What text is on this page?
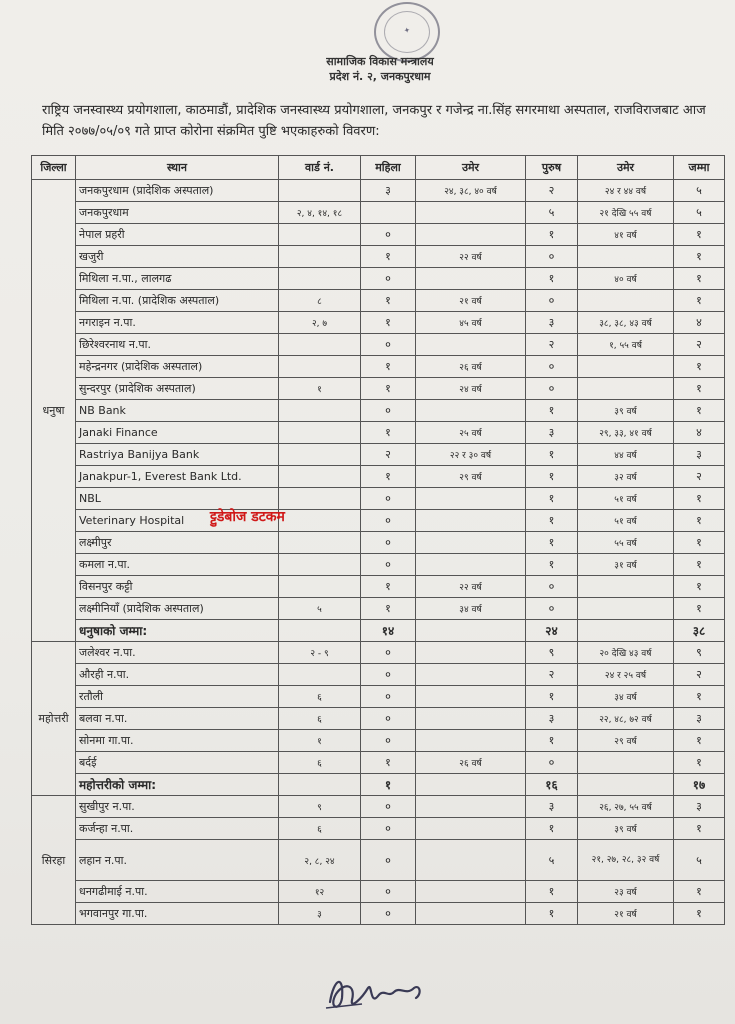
✦
सामाजिक विकास मन्त्रालय
प्रदेश नं. २, जनकपुरधाम
राष्ट्रिय जनस्वास्थ्य प्रयोगशाला, काठमाडौं, प्रादेशिक जनस्वास्थ्य प्रयोगशाला, जनकपुर र गजेन्द्र ना.सिंह सगरमाथा अस्पताल, राजविराजबाट आज मिति २०७७/०५/०९ गते प्राप्त कोरोना संक्रमित पुष्टि भएकाहरुको विवरण:
जिल्ला	स्थान	वार्ड नं.	महिला	उमेर	पुरुष	उमेर	जम्मा
धनुषा	जनकपुरधाम (प्रादेशिक अस्पताल)		३	२४, ३८, ४० वर्ष	२	२४ र ४४ वर्ष	५
	जनकपुरधाम	२, ४, १४, १८			५	२१ देखि ५५ वर्ष	५
	नेपाल प्रहरी		०		१	४१ वर्ष	१
	खजुरी		१	२२ वर्ष	०		१
	मिथिला न.पा., लालगढ		०		१	४० वर्ष	१
	मिथिला न.पा. (प्रादेशिक अस्पताल)	८	१	२१ वर्ष	०		१
	नगराइन न.पा.	२, ७	१	४५ वर्ष	३	३८, ३८, ४३ वर्ष	४
	छिरेश्वरनाथ न.पा.		०		२	१, ५५ वर्ष	२
	महेन्द्रनगर (प्रादेशिक अस्पताल)		१	२६ वर्ष	०		१
	सुन्दरपुर (प्रादेशिक अस्पताल)	१	१	२४ वर्ष	०		१
	NB Bank		०		१	३९ वर्ष	१
	Janaki Finance		१	२५ वर्ष	३	२९, ३३, ४१ वर्ष	४
	Rastriya Banijya Bank		२	२२ र ३० वर्ष	१	४४ वर्ष	३
	Janakpur-1, Everest Bank Ltd.		१	२९ वर्ष	१	३२ वर्ष	२
	NBL		०		१	५१ वर्ष	१
	Veterinary Hospital		०		१	५१ वर्ष	१
	लक्ष्मीपुर		०		१	५५ वर्ष	१
	कमला न.पा.		०		१	३१ वर्ष	१
	विसनपुर कट्टी		१	२२ वर्ष	०		१
	लक्ष्मीनियाँ (प्रादेशिक अस्पताल)	५	१	३४ वर्ष	०		१
	धनुषाको जम्मा:		१४		२४		३८
महोत्तरी	जलेश्वर न.पा.	२ - ९	०		९	२० देखि ४३ वर्ष	९
	औरही न.पा.		०		२	२४ र २५ वर्ष	२
	रतौली	६	०		१	३४ वर्ष	१
	बलवा न.पा.	६	०		३	२२, ४८, ७२ वर्ष	३
	सोनमा गा.पा.	१	०		१	२९ वर्ष	१
	बर्दई	६	१	२६ वर्ष	०		१
	महोत्तरीको जम्मा:		१		१६		१७
सिरहा	सुखीपुर न.पा.	९	०		३	२६, २७, ५५ वर्ष	३
	कर्जन्हा न.पा.	६	०		१	३९ वर्ष	१
	लहान न.पा.	२, ८, २४	०		५	२१, २७, २८, ३२ वर्ष	५
	धनगढीमाई न.पा.	१२	०		१	२३ वर्ष	१
	भगवानपुर गा.पा.	३	०		१	२१ वर्ष	१
ट्टुडेबोज डटकम
